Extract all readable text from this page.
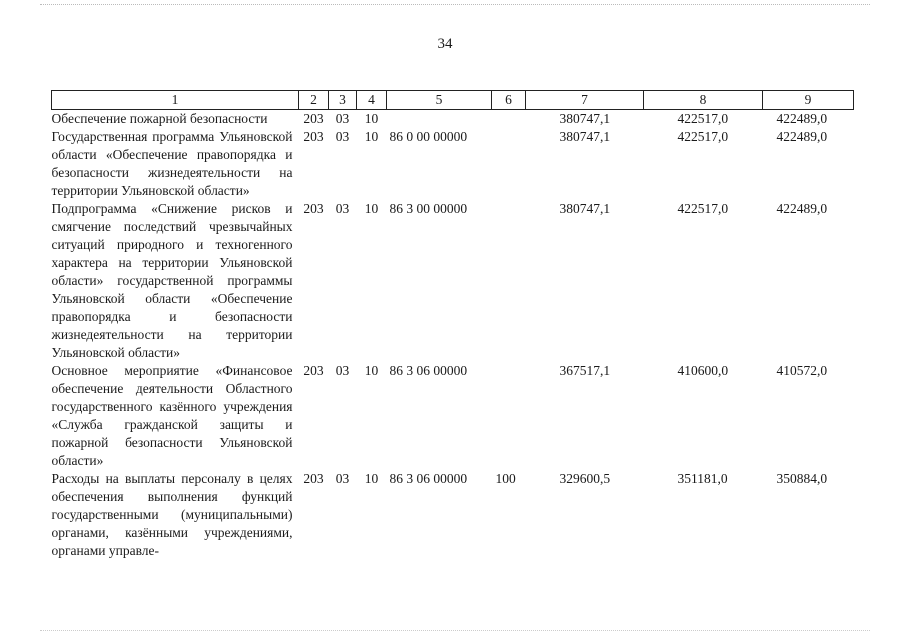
34
1	2	3	4	5	6	7	8	9
Обеспечение пожарной безопасности	203	03	10			380747,1	422517,0	422489,0
Государственная программа Ульяновской области «Обеспечение правопорядка и безопасности жизнедеятельности на территории Ульяновской области»	203	03	10	86 0 00 00000		380747,1	422517,0	422489,0
Подпрограмма «Снижение рисков и смягчение последствий чрезвычайных ситуаций природного и техногенного характера на территории Ульяновской области» государственной программы Ульяновской области «Обеспечение правопорядка и безопасности жизнедеятельности на территории Ульяновской области»	203	03	10	86 3 00 00000		380747,1	422517,0	422489,0
Основное мероприятие «Финансовое обеспечение деятельности Областного государственного казённого учреждения «Служба гражданской защиты и пожарной безопасности Ульяновской области»	203	03	10	86 3 06 00000		367517,1	410600,0	410572,0
Расходы на выплаты персоналу в целях обеспечения выполнения функций государственными (муниципальными) органами, казёнными учреждениями, органами управле-	203	03	10	86 3 06 00000	100	329600,5	351181,0	350884,0
